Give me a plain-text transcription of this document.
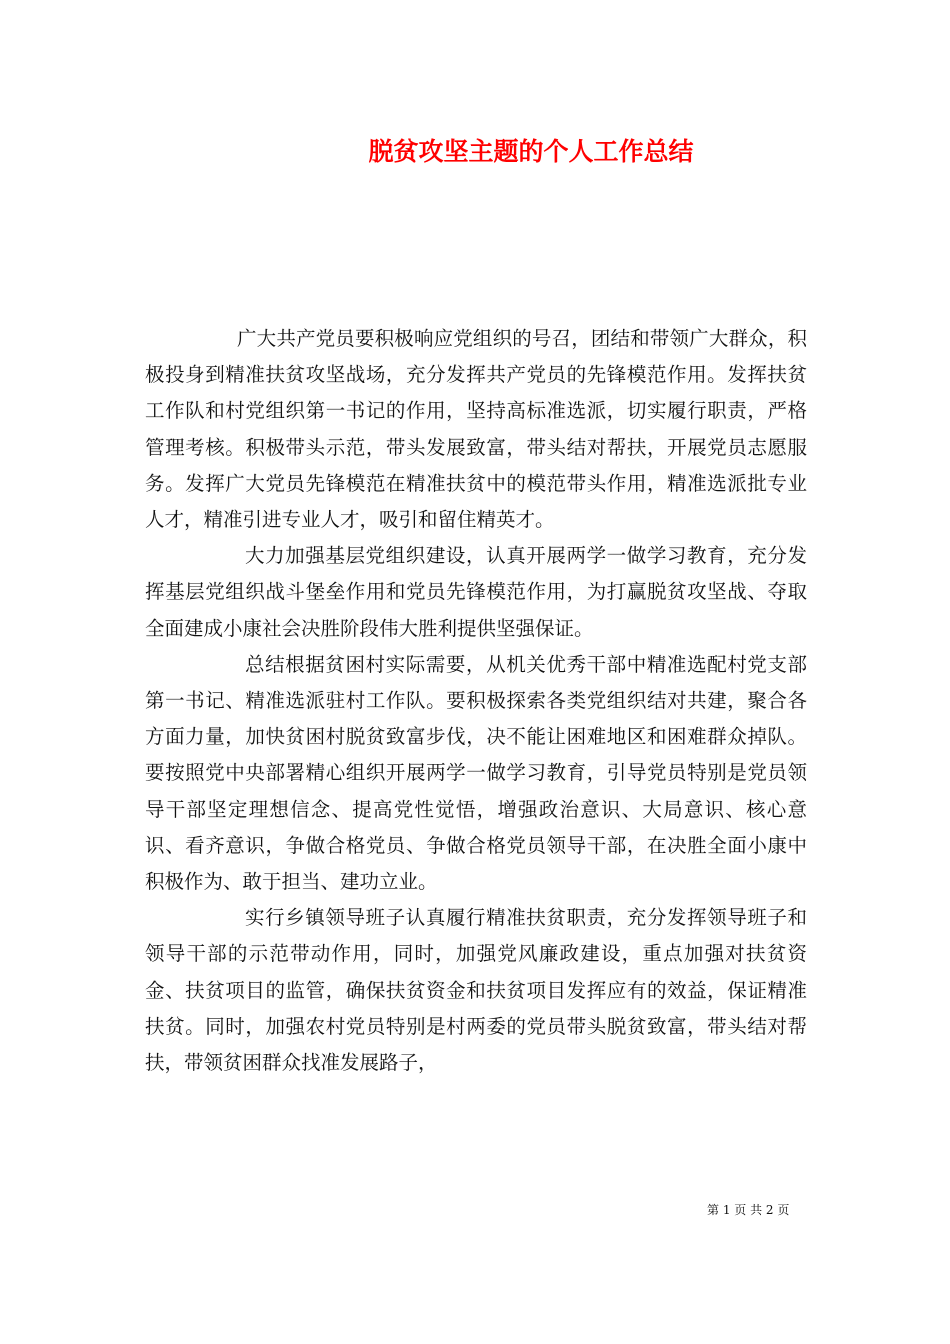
脱贫攻坚主题的个人工作总结

广大共产党员要积极响应党组织的号召，团结和带领广大群众，积极投身到精准扶贫攻坚战场，充分发挥共产党员的先锋模范作用。发挥扶贫工作队和村党组织第一书记的作用，坚持高标准选派，切实履行职责，严格管理考核。积极带头示范，带头发展致富，带头结对帮扶，开展党员志愿服务。发挥广大党员先锋模范在精准扶贫中的模范带头作用，精准选派批专业人才，精准引进专业人才，吸引和留住精英才。

大力加强基层党组织建设，认真开展两学一做学习教育，充分发挥基层党组织战斗堡垒作用和党员先锋模范作用，为打赢脱贫攻坚战、夺取全面建成小康社会决胜阶段伟大胜利提供坚强保证。

总结根据贫困村实际需要，从机关优秀干部中精准选配村党支部第一书记、精准选派驻村工作队。要积极探索各类党组织结对共建，聚合各方面力量，加快贫困村脱贫致富步伐，决不能让困难地区和困难群众掉队。要按照党中央部署精心组织开展两学一做学习教育，引导党员特别是党员领导干部坚定理想信念、提高党性觉悟，增强政治意识、大局意识、核心意识、看齐意识，争做合格党员、争做合格党员领导干部，在决胜全面小康中积极作为、敢于担当、建功立业。

实行乡镇领导班子认真履行精准扶贫职责，充分发挥领导班子和领导干部的示范带动作用，同时，加强党风廉政建设，重点加强对扶贫资金、扶贫项目的监管，确保扶贫资金和扶贫项目发挥应有的效益，保证精准扶贫。同时，加强农村党员特别是村两委的党员带头脱贫致富，带头结对帮扶，带领贫困群众找准发展路子，

第 1 页 共 2 页
